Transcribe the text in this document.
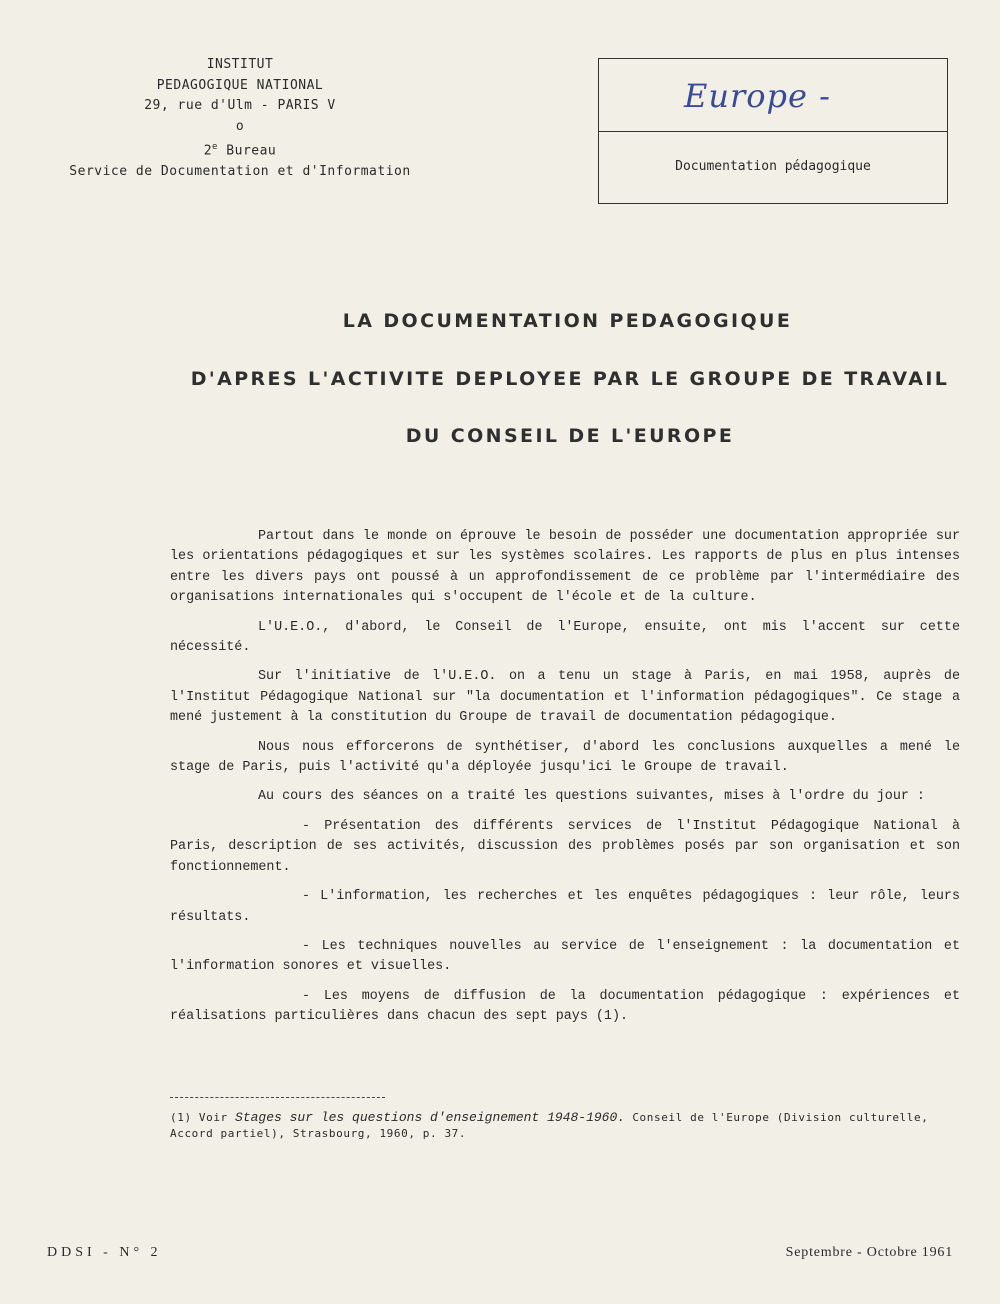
INSTITUT
PEDAGOGIQUE NATIONAL
29, rue d'Ulm - PARIS V
o
2e Bureau
Service de Documentation et d'Information
Europe -
Documentation pédagogique
LA DOCUMENTATION PEDAGOGIQUE
D'APRES L'ACTIVITE DEPLOYEE PAR LE GROUPE DE TRAVAIL
DU CONSEIL DE L'EUROPE

Partout dans le monde on éprouve le besoin de posséder une documentation appropriée sur les orientations pédagogiques et sur les systèmes scolaires. Les rapports de plus en plus intenses entre les divers pays ont poussé à un approfondissement de ce problème par l'intermédiaire des organisations internationales qui s'occupent de l'école et de la culture.

L'U.E.O., d'abord, le Conseil de l'Europe, ensuite, ont mis l'accent sur cette nécessité.

Sur l'initiative de l'U.E.O. on a tenu un stage à Paris, en mai 1958, auprès de l'Institut Pédagogique National sur "la documentation et l'information pédagogiques". Ce stage a mené justement à la constitution du Groupe de travail de documentation pédagogique.

Nous nous efforcerons de synthétiser, d'abord les conclusions auxquelles a mené le stage de Paris, puis l'activité qu'a déployée jusqu'ici le Groupe de travail.

Au cours des séances on a traité les questions suivantes, mises à l'ordre du jour :

- Présentation des différents services de l'Institut Pédagogique National à Paris, description de ses activités, discussion des problèmes posés par son organisation et son fonctionnement.

- L'information, les recherches et les enquêtes pédagogiques : leur rôle, leurs résultats.

- Les techniques nouvelles au service de l'enseignement : la documentation et l'information sonores et visuelles.

- Les moyens de diffusion de la documentation pédagogique : expériences et réalisations particulières dans chacun des sept pays (1).

(1) Voir Stages sur les questions d'enseignement 1948-1960. Conseil de l'Europe (Division culturelle, Accord partiel), Strasbourg, 1960, p. 37.
DDSI - N° 2	Septembre - Octobre 1961
